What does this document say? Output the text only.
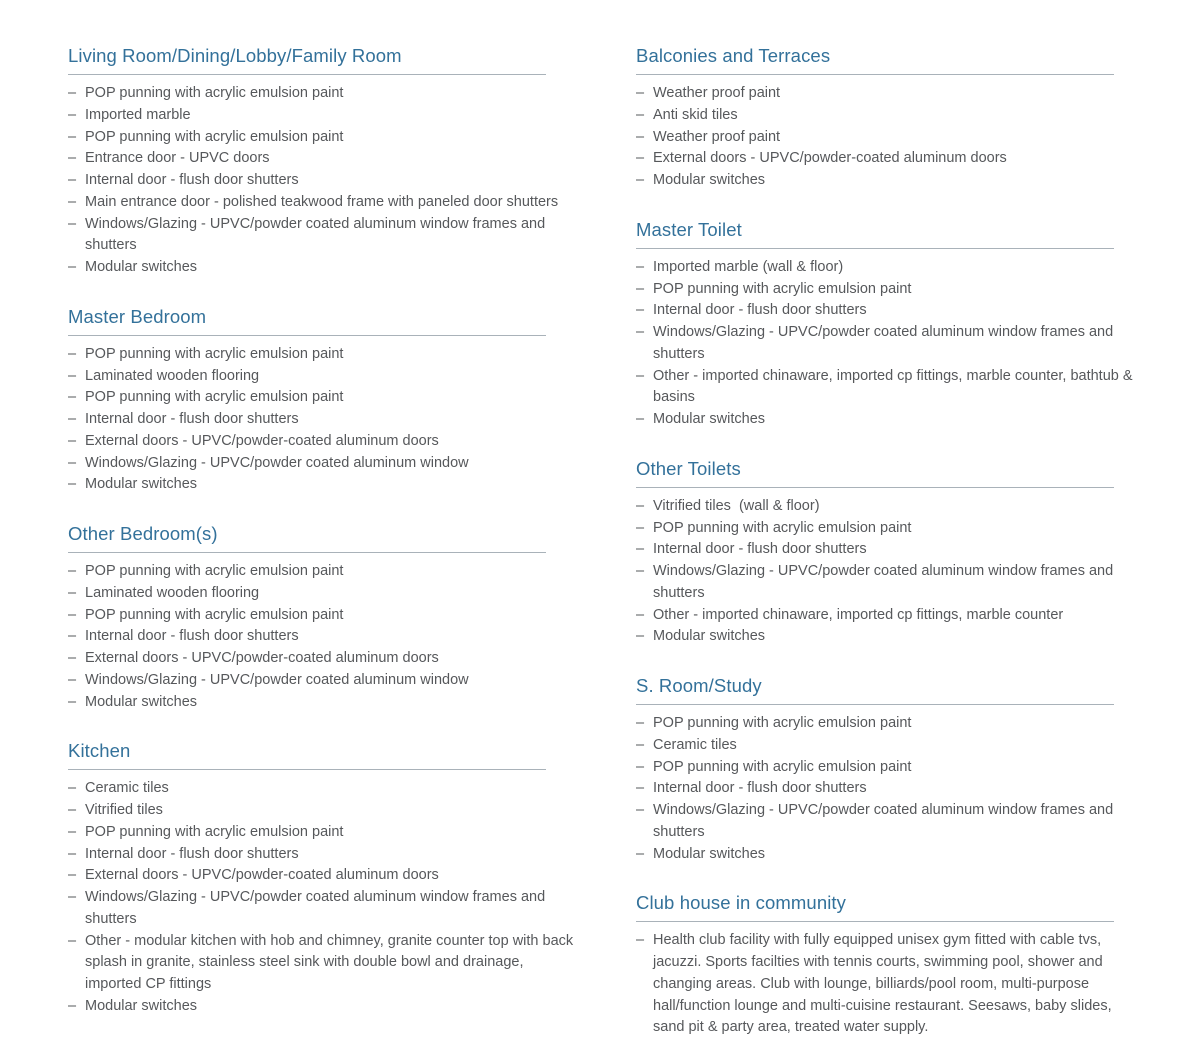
Living Room/Dining/Lobby/Family Room
– POP punning with acrylic emulsion paint
– Imported marble
– POP punning with acrylic emulsion paint
– Entrance door - UPVC doors
– Internal door - flush door shutters
– Main entrance door - polished teakwood frame with paneled door shutters
– Windows/Glazing - UPVC/powder coated aluminum window frames and shutters
– Modular switches
Master Bedroom
– POP punning with acrylic emulsion paint
– Laminated wooden flooring
– POP punning with acrylic emulsion paint
– Internal door - flush door shutters
– External doors - UPVC/powder-coated aluminum doors
– Windows/Glazing - UPVC/powder coated aluminum window
– Modular switches
Other Bedroom(s)
– POP punning with acrylic emulsion paint
– Laminated wooden flooring
– POP punning with acrylic emulsion paint
– Internal door - flush door shutters
– External doors - UPVC/powder-coated aluminum doors
– Windows/Glazing - UPVC/powder coated aluminum window
– Modular switches
Kitchen
– Ceramic tiles
– Vitrified tiles
– POP punning with acrylic emulsion paint
– Internal door - flush door shutters
– External doors - UPVC/powder-coated aluminum doors
– Windows/Glazing - UPVC/powder coated aluminum window frames and shutters
– Other - modular kitchen with hob and chimney, granite counter top with back splash in granite, stainless steel sink with double bowl and drainage, imported CP fittings
– Modular switches
Balconies and Terraces
– Weather proof paint
– Anti skid tiles
– Weather proof paint
– External doors - UPVC/powder-coated aluminum doors
– Modular switches
Master Toilet
– Imported marble (wall & floor)
– POP punning with acrylic emulsion paint
– Internal door - flush door shutters
– Windows/Glazing - UPVC/powder coated aluminum window frames and shutters
– Other - imported chinaware, imported cp fittings, marble counter, bathtub & basins
– Modular switches
Other Toilets
– Vitrified tiles  (wall & floor)
– POP punning with acrylic emulsion paint
– Internal door - flush door shutters
– Windows/Glazing - UPVC/powder coated aluminum window frames and shutters
– Other - imported chinaware, imported cp fittings, marble counter
– Modular switches
S. Room/Study
– POP punning with acrylic emulsion paint
– Ceramic tiles
– POP punning with acrylic emulsion paint
– Internal door - flush door shutters
– Windows/Glazing - UPVC/powder coated aluminum window frames and shutters
– Modular switches
Club house in community
– Health club facility with fully equipped unisex gym fitted with cable tvs, jacuzzi. Sports facilties with tennis courts, swimming pool, shower and changing areas. Club with lounge, billiards/pool room, multi-purpose hall/function lounge and multi-cuisine restaurant. Seesaws, baby slides, sand pit & party area, treated water supply.
